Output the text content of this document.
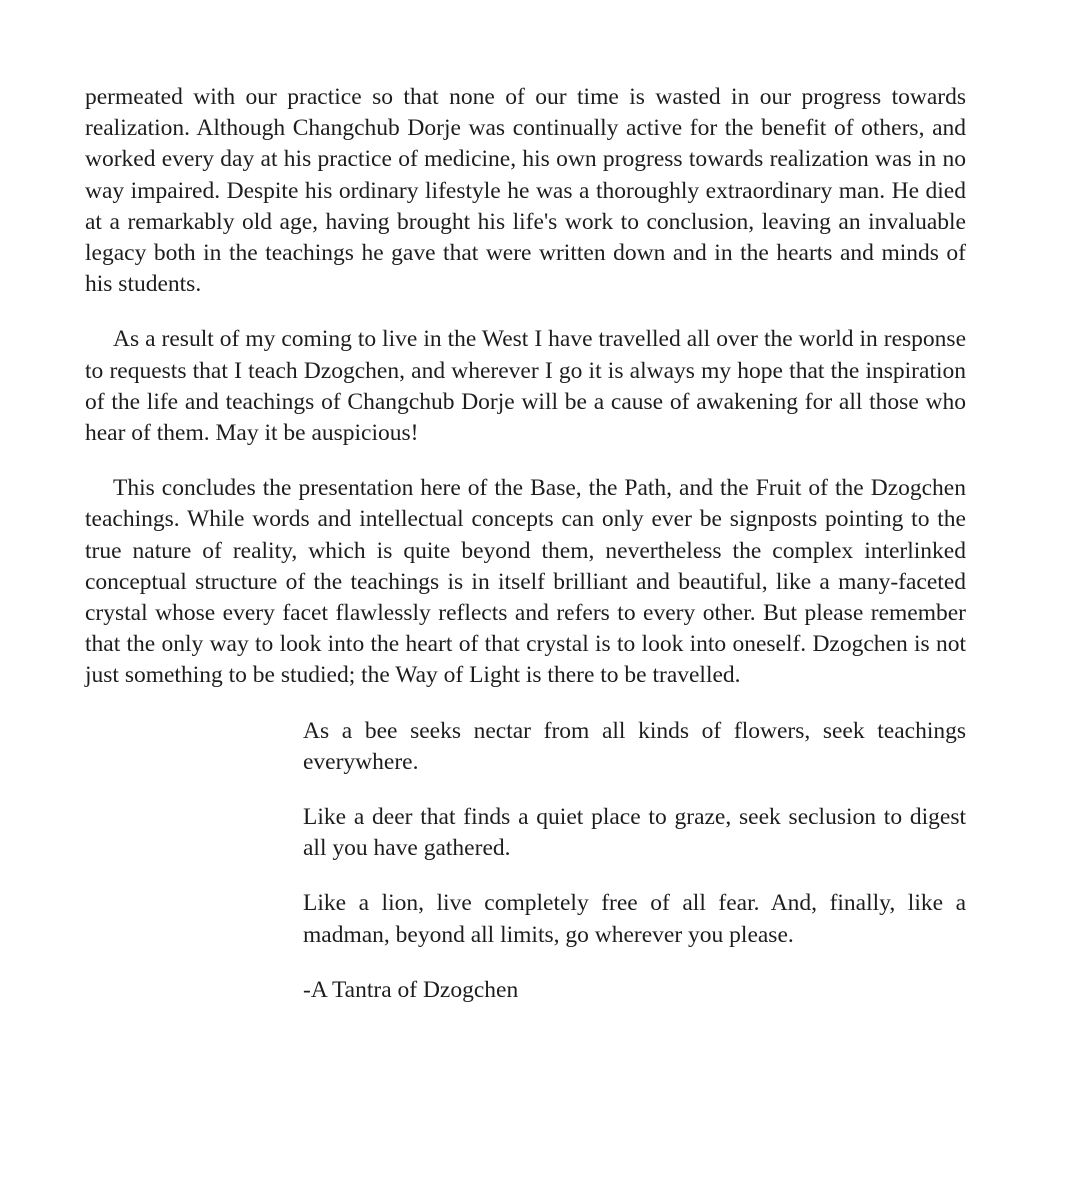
permeated with our practice so that none of our time is wasted in our progress towards realization. Although Changchub Dorje was continually active for the benefit of others, and worked every day at his practice of medicine, his own progress towards realization was in no way impaired. Despite his ordinary lifestyle he was a thoroughly extraordinary man. He died at a remarkably old age, having brought his life's work to conclusion, leaving an invaluable legacy both in the teachings he gave that were written down and in the hearts and minds of his students.

As a result of my coming to live in the West I have travelled all over the world in response to requests that I teach Dzogchen, and wherever I go it is always my hope that the inspiration of the life and teachings of Changchub Dorje will be a cause of awakening for all those who hear of them. May it be auspicious!

This concludes the presentation here of the Base, the Path, and the Fruit of the Dzogchen teachings. While words and intellectual concepts can only ever be signposts pointing to the true nature of reality, which is quite beyond them, nevertheless the complex interlinked conceptual structure of the teachings is in itself brilliant and beautiful, like a many-faceted crystal whose every facet flawlessly reflects and refers to every other. But please remember that the only way to look into the heart of that crystal is to look into oneself. Dzogchen is not just something to be studied; the Way of Light is there to be travelled.

As a bee seeks nectar from all kinds of flowers, seek teachings everywhere.

Like a deer that finds a quiet place to graze, seek seclusion to digest all you have gathered.

Like a lion, live completely free of all fear. And, finally, like a madman, beyond all limits, go wherever you please.

-A Tantra of Dzogchen
